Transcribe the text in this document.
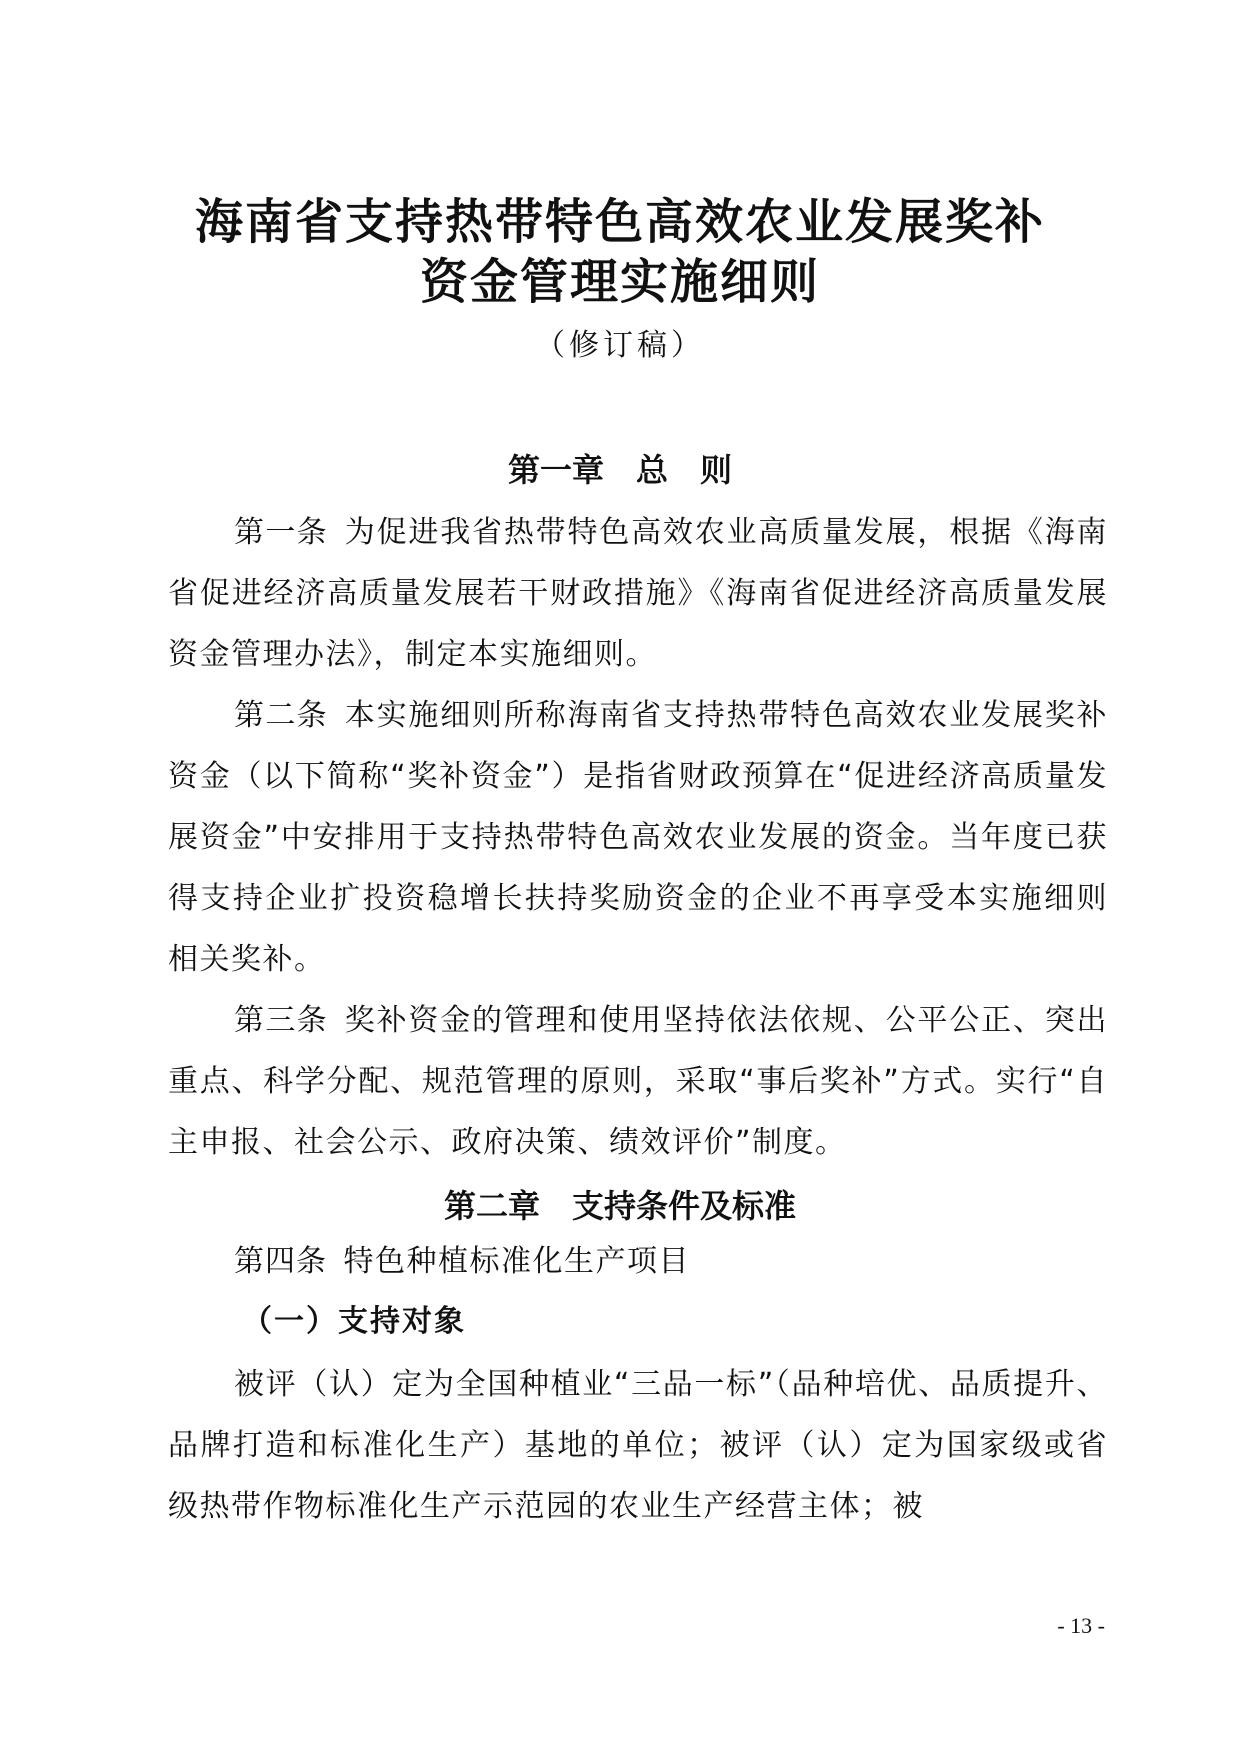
海南省支持热带特色高效农业发展奖补
资金管理实施细则
（修订稿）
第一章　总　则

第一条  为促进我省热带特色高效农业高质量发展，根据《海南省促进经济高质量发展若干财政措施》《海南省促进经济高质量发展资金管理办法》，制定本实施细则。

第二条  本实施细则所称海南省支持热带特色高效农业发展奖补资金（以下简称“奖补资金”）是指省财政预算在“促进经济高质量发展资金”中安排用于支持热带特色高效农业发展的资金。当年度已获得支持企业扩投资稳增长扶持奖励资金的企业不再享受本实施细则相关奖补。

第三条  奖补资金的管理和使用坚持依法依规、公平公正、突出重点、科学分配、规范管理的原则，采取“事后奖补”方式。实行“自主申报、社会公示、政府决策、绩效评价”制度。

第二章　支持条件及标准

第四条  特色种植标准化生产项目

（一）支持对象

被评（认）定为全国种植业“三品一标”（品种培优、品质提升、品牌打造和标准化生产）基地的单位；被评（认）定为国家级或省级热带作物标准化生产示范园的农业生产经营主体；被

- 13 -
